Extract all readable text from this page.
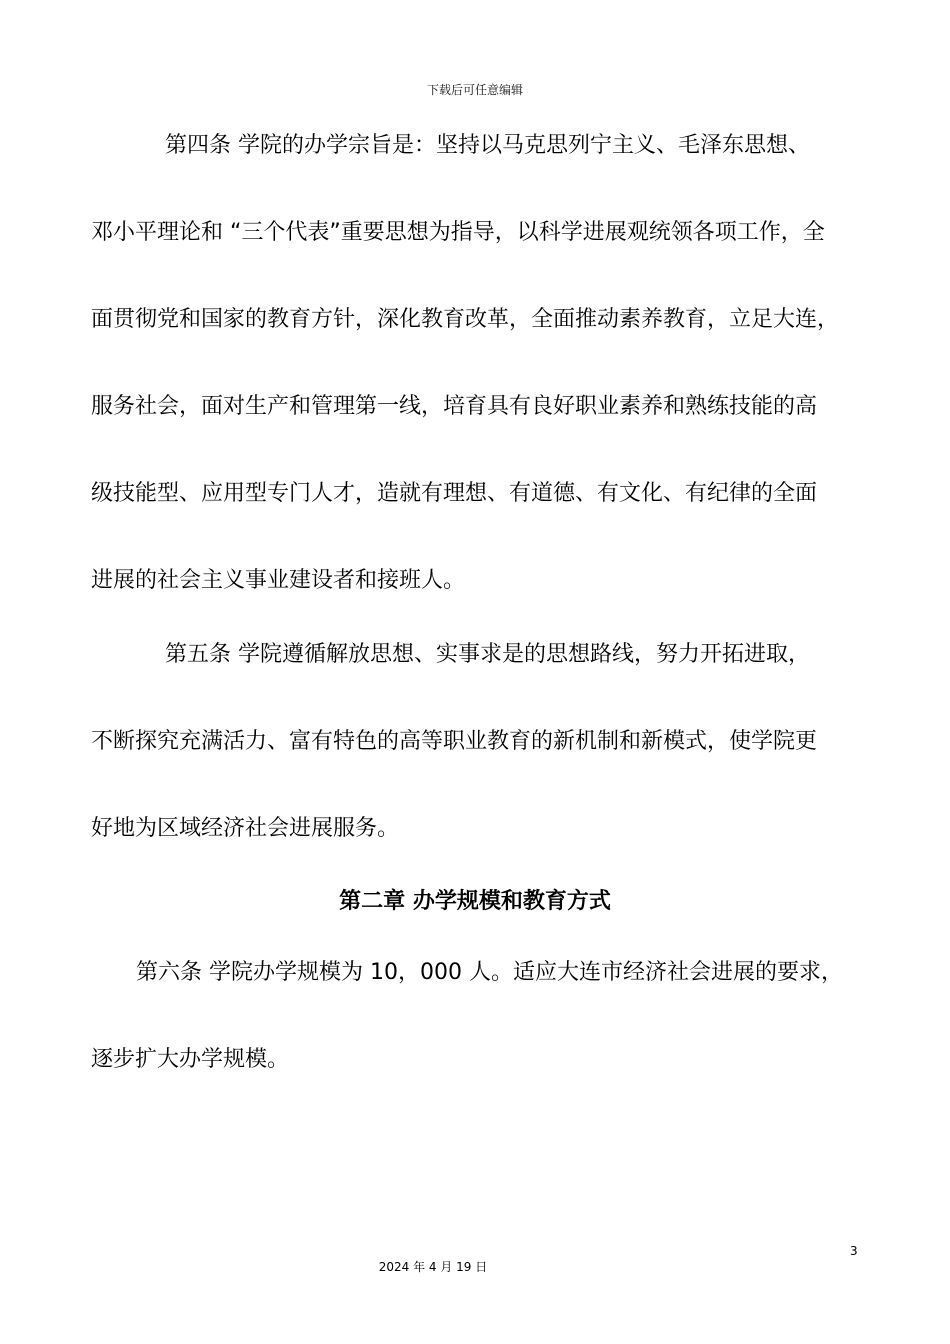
下载后可任意编辑
第四条 学院的办学宗旨是：坚持以马克思列宁主义、毛泽东思想、
邓小平理论和 “三个代表”重要思想为指导，以科学进展观统领各项工作，全
面贯彻党和国家的教育方针，深化教育改革，全面推动素养教育，立足大连，
服务社会，面对生产和管理第一线，培育具有良好职业素养和熟练技能的高
级技能型、应用型专门人才，造就有理想、有道德、有文化、有纪律的全面
进展的社会主义事业建设者和接班人。
第五条 学院遵循解放思想、实事求是的思想路线，努力开拓进取，
不断探究充满活力、富有特色的高等职业教育的新机制和新模式，使学院更
好地为区域经济社会进展服务。
第二章 办学规模和教育方式
第六条 学院办学规模为 10，000 人。适应大连市经济社会进展的要求，
逐步扩大办学规模。
3
2024 年 4 月 19 日
